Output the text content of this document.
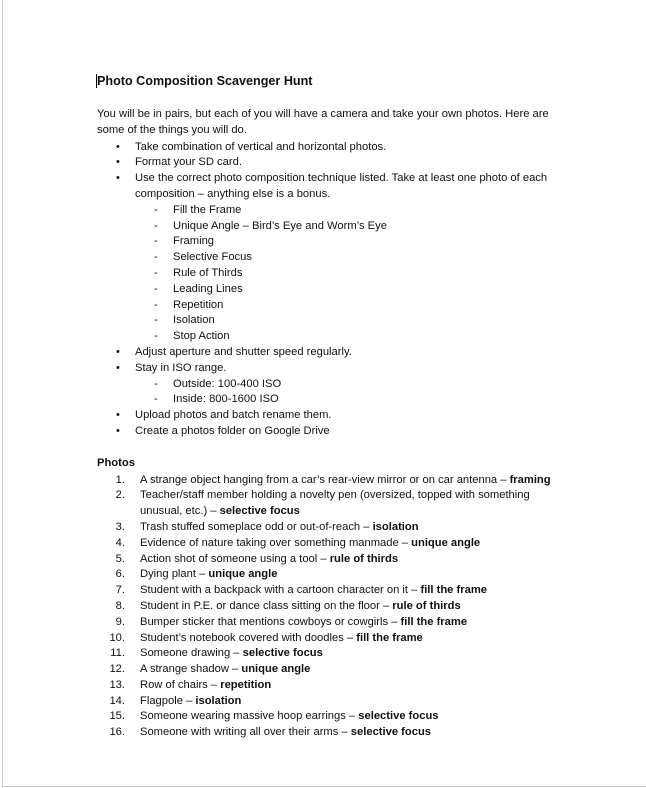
Photo Composition Scavenger Hunt

You will be in pairs, but each of you will have a camera and take your own photos. Here are some of the things you will do.

• Take combination of vertical and horizontal photos.
• Format your SD card.
• Use the correct photo composition technique listed. Take at least one photo of each composition – anything else is a bonus.
- Fill the Frame
- Unique Angle – Bird’s Eye and Worm’s Eye
- Framing
- Selective Focus
- Rule of Thirds
- Leading Lines
- Repetition
- Isolation
- Stop Action
• Adjust aperture and shutter speed regularly.
• Stay in ISO range.
- Outside: 100-400 ISO
- Inside: 800-1600 ISO
• Upload photos and batch rename them.
• Create a photos folder on Google Drive
Photos
1. A strange object hanging from a car’s rear-view mirror or on car antenna – framing
2. Teacher/staff member holding a novelty pen (oversized, topped with something unusual, etc.) – selective focus
3. Trash stuffed someplace odd or out-of-reach – isolation
4. Evidence of nature taking over something manmade – unique angle
5. Action shot of someone using a tool – rule of thirds
6. Dying plant – unique angle
7. Student with a backpack with a cartoon character on it – fill the frame
8. Student in P.E. or dance class sitting on the floor – rule of thirds
9. Bumper sticker that mentions cowboys or cowgirls – fill the frame
10. Student’s notebook covered with doodles – fill the frame
11. Someone drawing – selective focus
12. A strange shadow – unique angle
13. Row of chairs – repetition
14. Flagpole – isolation
15. Someone wearing massive hoop earrings – selective focus
16. Someone with writing all over their arms – selective focus
